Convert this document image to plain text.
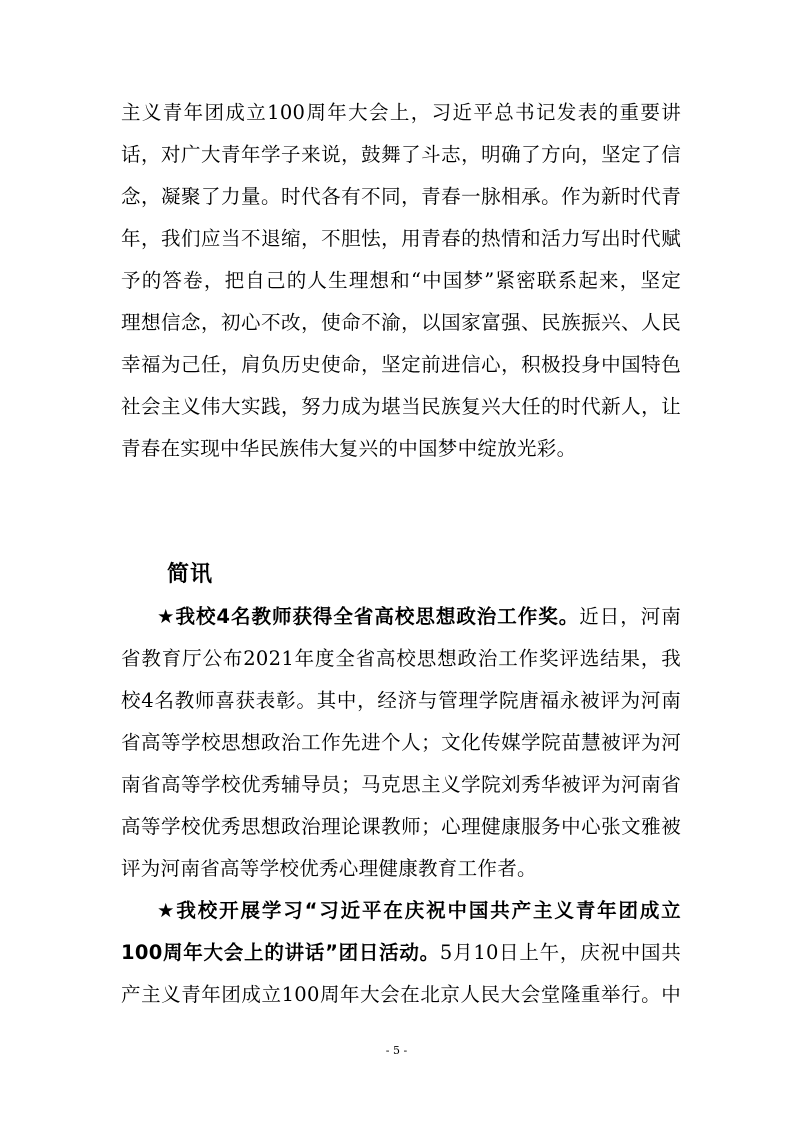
主义青年团成立100周年大会上，习近平总书记发表的重要讲
话，对广大青年学子来说，鼓舞了斗志，明确了方向，坚定了信
念，凝聚了力量。时代各有不同，青春一脉相承。作为新时代青
年，我们应当不退缩，不胆怯，用青春的热情和活力写出时代赋
予的答卷，把自己的人生理想和“中国梦”紧密联系起来，坚定
理想信念，初心不改，使命不渝，以国家富强、民族振兴、人民
幸福为己任，肩负历史使命，坚定前进信心，积极投身中国特色
社会主义伟大实践，努力成为堪当民族复兴大任的时代新人，让
青春在实现中华民族伟大复兴的中国梦中绽放光彩。
简讯
★我校4名教师获得全省高校思想政治工作奖。近日，河南
省教育厅公布2021年度全省高校思想政治工作奖评选结果，我
校4名教师喜获表彰。其中，经济与管理学院唐福永被评为河南
省高等学校思想政治工作先进个人；文化传媒学院苗慧被评为河
南省高等学校优秀辅导员；马克思主义学院刘秀华被评为河南省
高等学校优秀思想政治理论课教师；心理健康服务中心张文雅被
评为河南省高等学校优秀心理健康教育工作者。
★我校开展学习“习近平在庆祝中国共产主义青年团成立
100周年大会上的讲话”团日活动。5月10日上午，庆祝中国共
产主义青年团成立100周年大会在北京人民大会堂隆重举行。中
- 5 -
